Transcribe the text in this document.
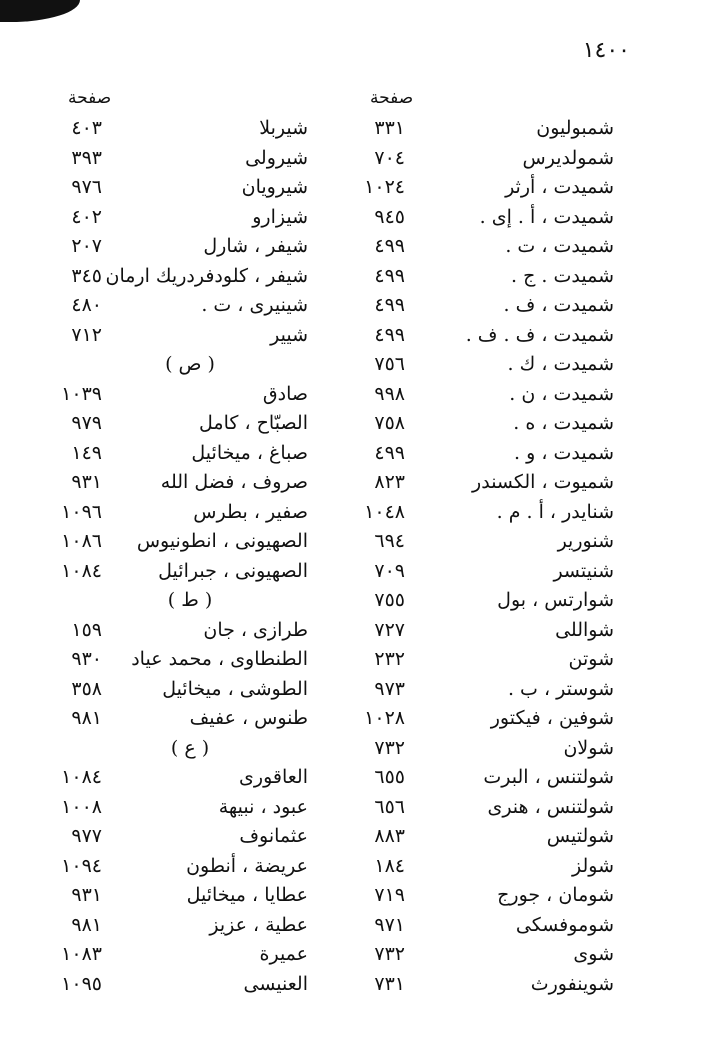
١٤٠٠
صفحة
صفحة
شمبولیون
٣٣١
شمولديرس
٧٠٤
شميدت ، أرثر
١٠٢٤
شميدت ، أ . إى .
٩٤٥
شميدت ، ت .
٤٩٩
شميدت . ج .
٤٩٩
شميدت ، ف .
٤٩٩
شميدت ، ف . ف .
٤٩٩
شميدت ، ك .
٧٥٦
شميدت ، ن .
٩٩٨
شميدت ، ه .
٧٥٨
شميدت ، و .
٤٩٩
شميوت ، الكسندر
٨٢٣
شنايدر ، أ . م .
١٠٤٨
شنورير
٦٩٤
شنيتسر
٧٠٩
شوارتس ، بول
٧٥٥
شواللى
٧٢٧
شوتن
٢٣٢
شوستر ، ب .
٩٧٣
شوفين ، فيكتور
١٠٢٨
شولان
٧٣٢
شولتنس ، البرت
٦٥٥
شولتنس ، هنرى
٦٥٦
شولتيس
٨٨٣
شولز
١٨٤
شومان ، جورج
٧١٩
شوموفسكى
٩٧١
شوى
٧٣٢
شوينفورث
٧٣١
شيربلا
٤٠٣
شيرولى
٣٩٣
شيرويان
٩٧٦
شيزارو
٤٠٢
شيفر ، شارل
٢٠٧
شيفر ، كلودفردريك ارمان
٣٤٥
شينيرى ، ت .
٤٨٠
شيير
٧١٢
( ص )
صادق
١٠٣٩
الصبّاح ، كامل
٩٧٩
صباغ ، ميخائيل
١٤٩
صروف ، فضل الله
٩٣١
صفير ، بطرس
١٠٩٦
الصهيونى ، انطونيوس
١٠٨٦
الصهيونى ، جبرائيل
١٠٨٤
( ط )
طرازى ، جان
١٥٩
الطنطاوى ، محمد عياد
٩٣٠
الطوشى ، ميخائيل
٣٥٨
طنوس ، عفيف
٩٨١
( ع )
العاقورى
١٠٨٤
عبود ، نبيهة
١٠٠٨
عثمانوف
٩٧٧
عريضة ، أنطون
١٠٩٤
عطايا ، ميخائيل
٩٣١
عطية ، عزيز
٩٨١
عميرة
١٠٨٣
العنيسى
١٠٩٥
